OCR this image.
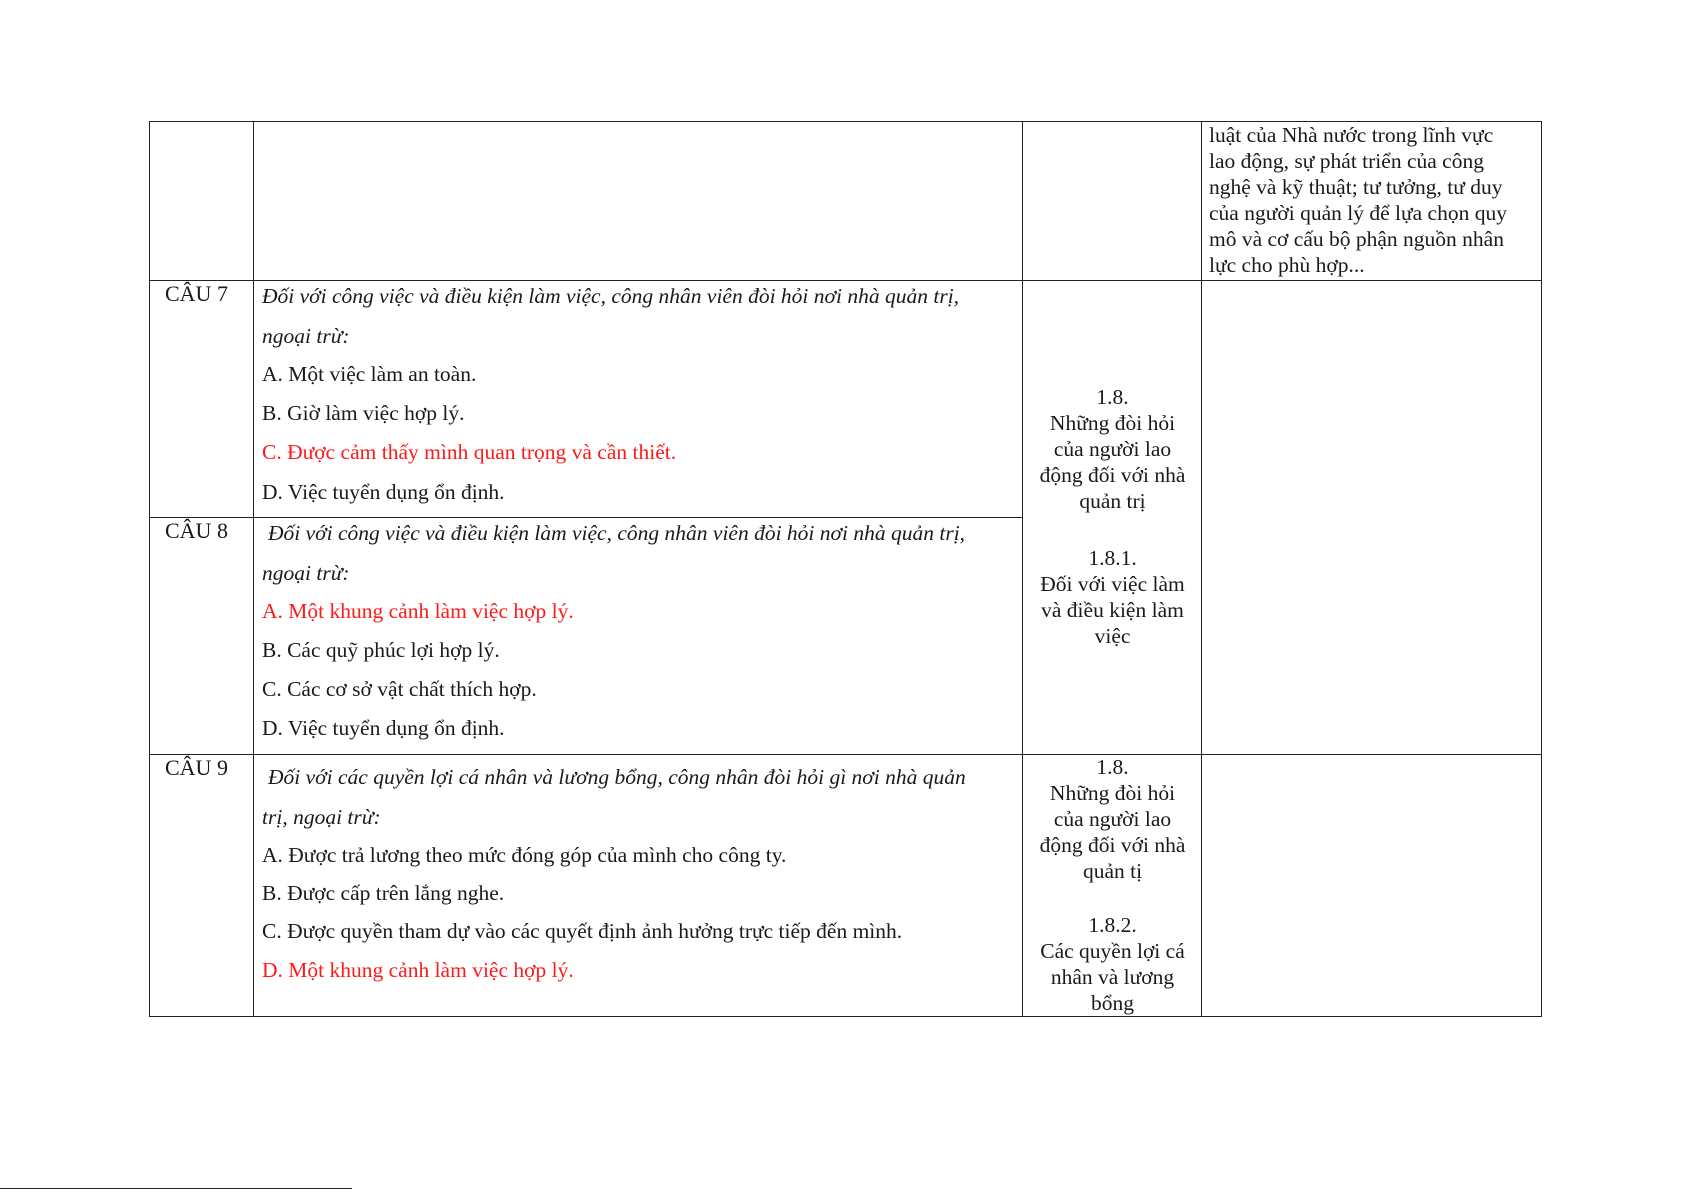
luật của Nhà nước trong lĩnh vực
lao động, sự phát triển của công
nghệ và kỹ thuật; tư tưởng, tư duy
của người quản lý để lựa chọn quy
mô và cơ cấu bộ phận nguồn nhân
lực cho phù hợp...
CÂU 7 Đối với công việc và điều kiện làm việc, công nhân viên đòi hỏi nơi nhà quản trị,
ngoại trừ:
A. Một việc làm an toàn.
B. Giờ làm việc hợp lý.
C. Được cảm thấy mình quan trọng và cần thiết.
D. Việc tuyển dụng ổn định.
CÂU 8 Đối với công việc và điều kiện làm việc, công nhân viên đòi hỏi nơi nhà quản trị,
ngoại trừ:
A. Một khung cảnh làm việc hợp lý.
B. Các quỹ phúc lợi hợp lý.
C. Các cơ sở vật chất thích hợp.
D. Việc tuyển dụng ổn định.
1.8.
Những đòi hỏi
của người lao
động đối với nhà
quản trị
1.8.1.
Đối với việc làm
và điều kiện làm
việc
CÂU 9 Đối với các quyền lợi cá nhân và lương bổng, công nhân đòi hỏi gì nơi nhà quản
trị, ngoại trừ:
A. Được trả lương theo mức đóng góp của mình cho công ty.
B. Được cấp trên lắng nghe.
C. Được quyền tham dự vào các quyết định ảnh hưởng trực tiếp đến mình.
D. Một khung cảnh làm việc hợp lý.
1.8.
Những đòi hỏi
của người lao
động đối với nhà
quản tị
1.8.2.
Các quyền lợi cá
nhân và lương
bổng
